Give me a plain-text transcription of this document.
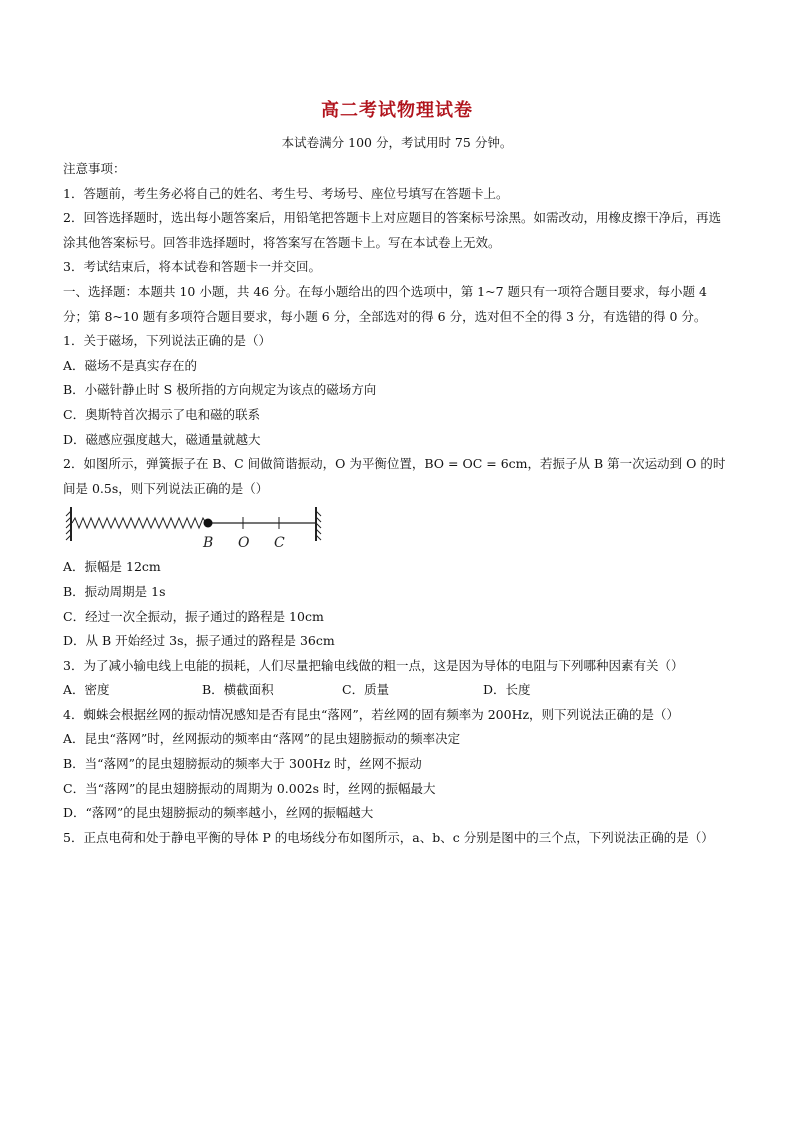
高二考试物理试卷
本试卷满分 100 分，考试用时 75 分钟。

注意事项：

1．答题前，考生务必将自己的姓名、考生号、考场号、座位号填写在答题卡上。

2．回答选择题时，选出每小题答案后，用铅笔把答题卡上对应题目的答案标号涂黑。如需改动，用橡皮擦干净后，再选涂其他答案标号。回答非选择题时，将答案写在答题卡上。写在本试卷上无效。

3．考试结束后，将本试卷和答题卡一并交回。

一、选择题：本题共 10 小题，共 46 分。在每小题给出的四个选项中，第 1~7 题只有一项符合题目要求，每小题 4 分；第 8~10 题有多项符合题目要求，每小题 6 分，全部选对的得 6 分，选对但不全的得 3 分，有选错的得 0 分。

1．关于磁场，下列说法正确的是（）

A．磁场不是真实存在的

B．小磁针静止时 S 极所指的方向规定为该点的磁场方向

C．奥斯特首次揭示了电和磁的联系

D．磁感应强度越大，磁通量就越大

2．如图所示，弹簧振子在 B、C 间做简谐振动，O 为平衡位置，BO = OC = 6cm，若振子从 B 第一次运动到 O 的时间是 0.5s，则下列说法正确的是（）

B O C

A．振幅是 12cm

B．振动周期是 1s

C．经过一次全振动，振子通过的路程是 10cm

D．从 B 开始经过 3s，振子通过的路程是 36cm

3．为了减小输电线上电能的损耗，人们尽量把输电线做的粗一点，这是因为导体的电阻与下列哪种因素有关（）

A．密度	B．横截面积	C．质量	D．长度

4．蜘蛛会根据丝网的振动情况感知是否有昆虫“落网”，若丝网的固有频率为 200Hz，则下列说法正确的是（）

A．昆虫“落网”时，丝网振动的频率由“落网”的昆虫翅膀振动的频率决定

B．当“落网”的昆虫翅膀振动的频率大于 300Hz 时，丝网不振动

C．当“落网”的昆虫翅膀振动的周期为 0.002s 时，丝网的振幅最大

D．“落网”的昆虫翅膀振动的频率越小，丝网的振幅越大

5．正点电荷和处于静电平衡的导体 P 的电场线分布如图所示，a、b、c 分别是图中的三个点，下列说法正确的是（）
